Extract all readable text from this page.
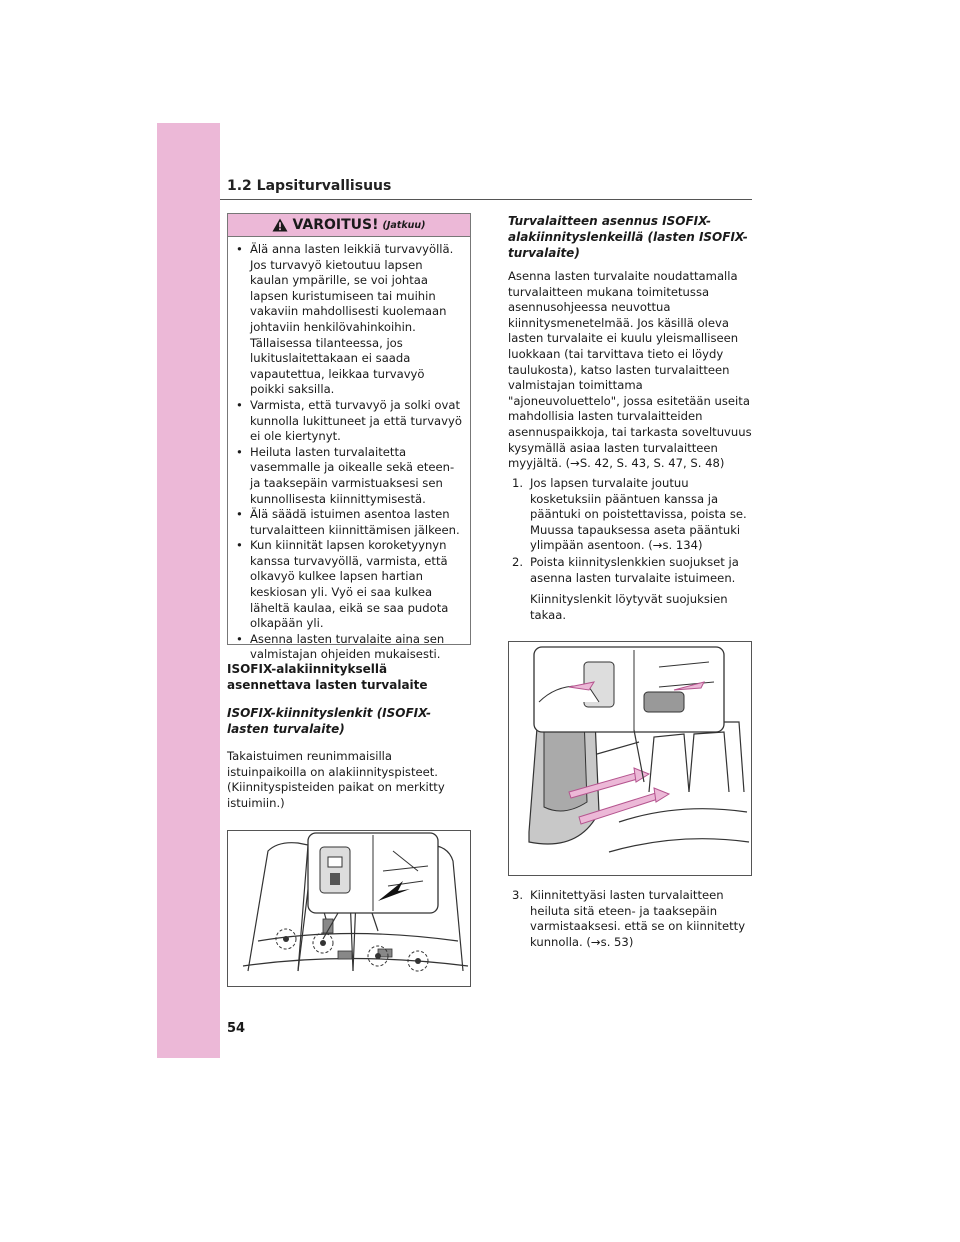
1.2 Lapsiturvallisuus
VAROITUS! (Jatkuu)
• Älä anna lasten leikkiä turvavyöllä. Jos turvavyö kietoutuu lapsen kaulan ympärille, se voi johtaa lapsen kuristumiseen tai muihin vakaviin mahdollisesti kuolemaan johtaviin henkilövahinkoihin. Tällaisessa tilanteessa, jos lukituslaitettakaan ei saada vapautettua, leikkaa turvavyö poikki saksilla.
• Varmista, että turvavyö ja solki ovat kunnolla lukittuneet ja että turvavyö ei ole kiertynyt.
• Heiluta lasten turvalaitetta vasemmalle ja oikealle sekä eteen- ja taaksepäin varmistuaksesi sen kunnollisesta kiinnittymisestä.
• Älä säädä istuimen asentoa lasten turvalaitteen kiinnittämisen jälkeen.
• Kun kiinnität lapsen koroketyynyn kanssa turvavyöllä, varmista, että olkavyö kulkee lapsen hartian keskiosan yli. Vyö ei saa kulkea läheltä kaulaa, eikä se saa pudota olkapään yli.
• Asenna lasten turvalaite aina sen valmistajan ohjeiden mukaisesti.
ISOFIX-alakiinnityksellä asennettava lasten turvalaite
ISOFIX-kiinnityslenkit (ISOFIX- lasten turvalaite)
Takaistuimen reunimmaisilla istuinpaikoilla on alakiinnityspisteet. (Kiinnityspisteiden paikat on merkitty istuimiin.)
Turvalaitteen asennus ISOFIX-alakiinnityslenkeillä (lasten ISOFIX-turvalaite)
Asenna lasten turvalaite noudattamalla turvalaitteen mukana toimitetussa asennusohjeessa neuvottua kiinnitysmenetelmää. Jos käsillä oleva lasten turvalaite ei kuulu yleismalliseen luokkaan (tai tarvittava tieto ei löydy taulukosta), katso lasten turvalaitteen valmistajan toimittama "ajoneuvoluettelo", jossa esitetään useita mahdollisia lasten turvalaitteiden asennuspaikkoja, tai tarkasta soveltuvuus kysymällä asiaa lasten turvalaitteen myyjältä. (→S. 42, S. 43, S. 47, S. 48)
1. Jos lapsen turvalaite joutuu kosketuksiin pääntuen kanssa ja pääntuki on poistettavissa, poista se. Muussa tapauksessa aseta pääntuki ylimpään asentoon. (→s. 134)
2. Poista kiinnityslenkkien suojukset ja asenna lasten turvalaite istuimeen.
Kiinnityslenkit löytyvät suojuksien takaa.
3. Kiinnitettyäsi lasten turvalaitteen heiluta sitä eteen- ja taaksepäin varmistaaksesi. että se on kiinnitetty kunnolla. (→s. 53)
54
